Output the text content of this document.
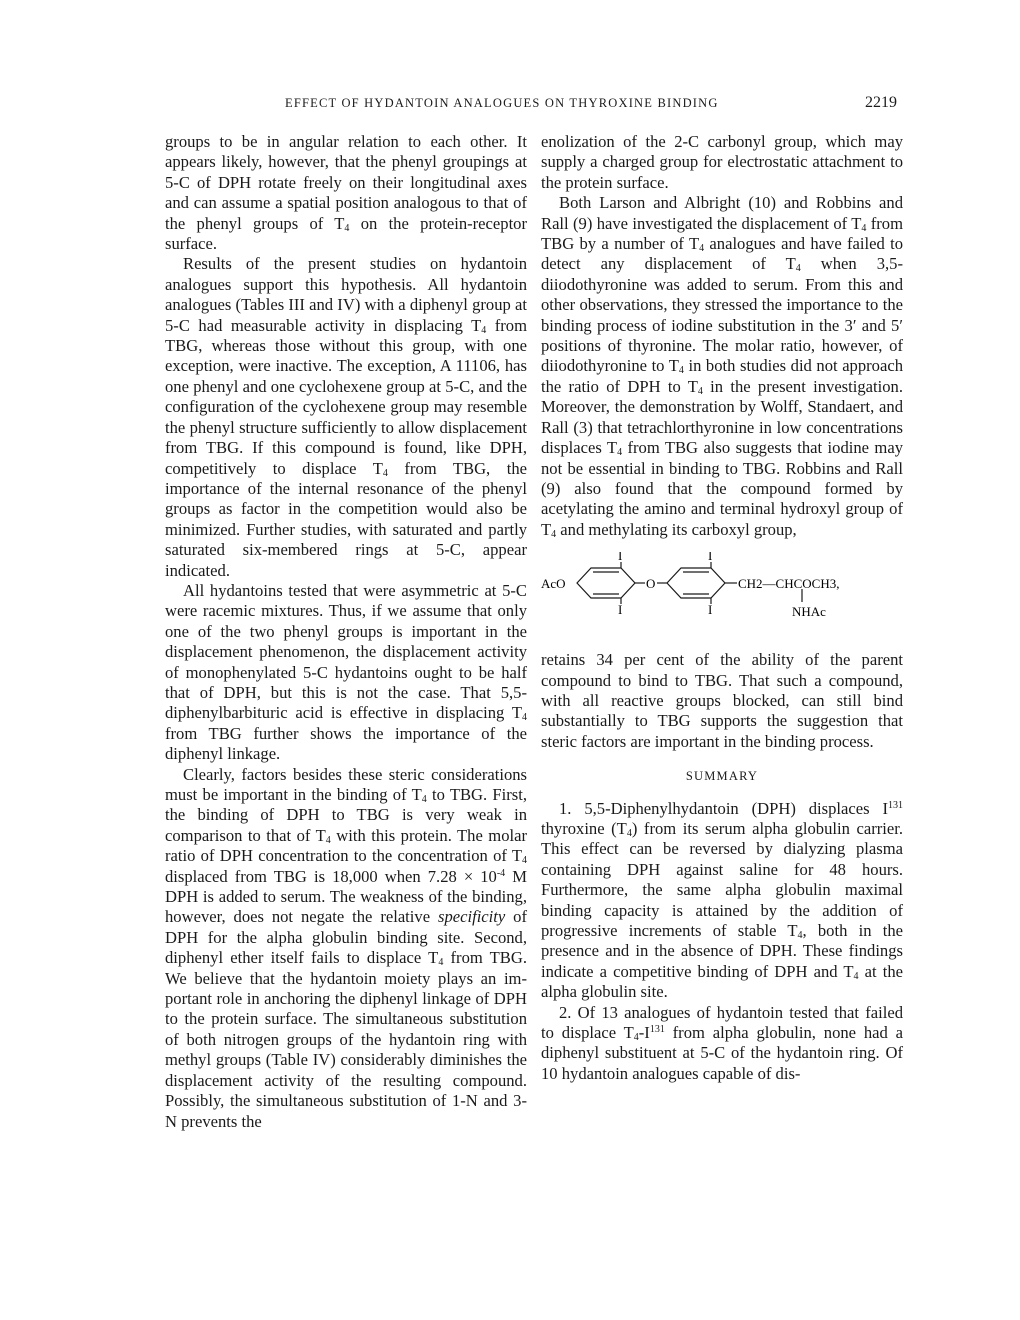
EFFECT OF HYDANTOIN ANALOGUES ON THYROXINE BINDING	2219

groups to be in angular relation to each other. It appears likely, however, that the phenyl groupings at 5-C of DPH rotate freely on their longitudinal axes and can assume a spatial position analogous to that of the phenyl groups of $T_4$ on the protein-receptor surface.

Results of the present studies on hydantoin analogues support this hypothesis. All hydantoin analogues (Tables III and IV) with a diphenyl group at 5-C had measurable activity in displacing $T_4$ from TBG, whereas those without this group, with one exception, were inactive. The exception, A 11106, has one phenyl and one cyclohexene group at 5-C, and the configuration of the cyclohexene group may resemble the phenyl structure sufficiently to allow displacement from TBG. If this compound is found, like DPH, competitively to displace $T_4$ from TBG, the importance of the internal resonance of the phenyl groups as factor in the competition would also be minimized. Further studies, with saturated and partly saturated six-membered rings at 5-C, appear indicated.

All hydantoins tested that were asymmetric at 5-C were racemic mixtures. Thus, if we assume that only one of the two phenyl groups is important in the displacement phenomenon, the displacement activity of monophenylated 5-C hydantoins ought to be half that of DPH, but this is not the case. That 5,5-diphenylbarbituric acid is effective in displacing $T_4$ from TBG further shows the importance of the diphenyl linkage.

Clearly, factors besides these steric considerations must be important in the binding of $T_4$ to TBG. First, the binding of DPH to TBG is very weak in comparison to that of $T_4$ with this protein. The molar ratio of DPH concentration to the concentration of $T_4$ displaced from TBG is 18,000 when $7.28 \times 10^{-4}$ M DPH is added to serum. The weakness of the binding, however, does not negate the relative specificity of DPH for the alpha globulin binding site. Second, diphenyl ether itself fails to displace $T_4$ from TBG. We believe that the hydantoin moiety plays an important role in anchoring the diphenyl linkage of DPH to the protein surface. The simultaneous substitution of both nitrogen groups of the hydantoin ring with methyl groups (Table IV) considerably diminishes the displacement activity of the resulting compound. Possibly, the simultaneous substitution of 1-N and 3-N prevents the

enolization of the 2-C carbonyl group, which may supply a charged group for electrostatic attachment to the protein surface.

Both Larson and Albright (10) and Robbins and Rall (9) have investigated the displacement of $T_4$ from TBG by a number of $T_4$ analogues and have failed to detect any displacement of $T_4$ when 3,5-diiodothyronine was added to serum. From this and other observations, they stressed the importance to the binding process of iodine substitution in the 3′ and 5′ positions of thyronine. The molar ratio, however, of diiodothyronine to $T_4$ in both studies did not approach the ratio of DPH to $T_4$ in the present investigation. Moreover, the demonstration by Wolff, Standaert, and Rall (3) that tetrachlorthyronine in low concentrations displaces $T_4$ from TBG also suggests that iodine may not be essential in binding to TBG. Robbins and Rall (9) also found that the compound formed by acetylating the amino and terminal hydroxyl group of $T_4$ and methylating its carboxyl group,

AcO	O
I
I
I
I
CH2—CHCOCH3,
NHAc

retains 34 per cent of the ability of the parent compound to bind to TBG. That such a compound, with all reactive groups blocked, can still bind substantially to TBG supports the suggestion that steric factors are important in the binding process.

SUMMARY

1. 5,5-Diphenylhydantoin (DPH) displaces $I^{131}$ thyroxine $(T_4)$ from its serum alpha globulin carrier. This effect can be reversed by dialyzing plasma containing DPH against saline for 48 hours. Furthermore, the same alpha globulin maximal binding capacity is attained by the addition of progressive increments of stable $T_4$, both in the presence and in the absence of DPH. These findings indicate a competitive binding of DPH and $T_4$ at the alpha globulin site.

2. Of 13 analogues of hydantoin tested that failed to displace $T_4-I^{131}$ from alpha globulin, none had a diphenyl substituent at 5-C of the hydantoin ring. Of 10 hydantoin analogues capable of dis-
